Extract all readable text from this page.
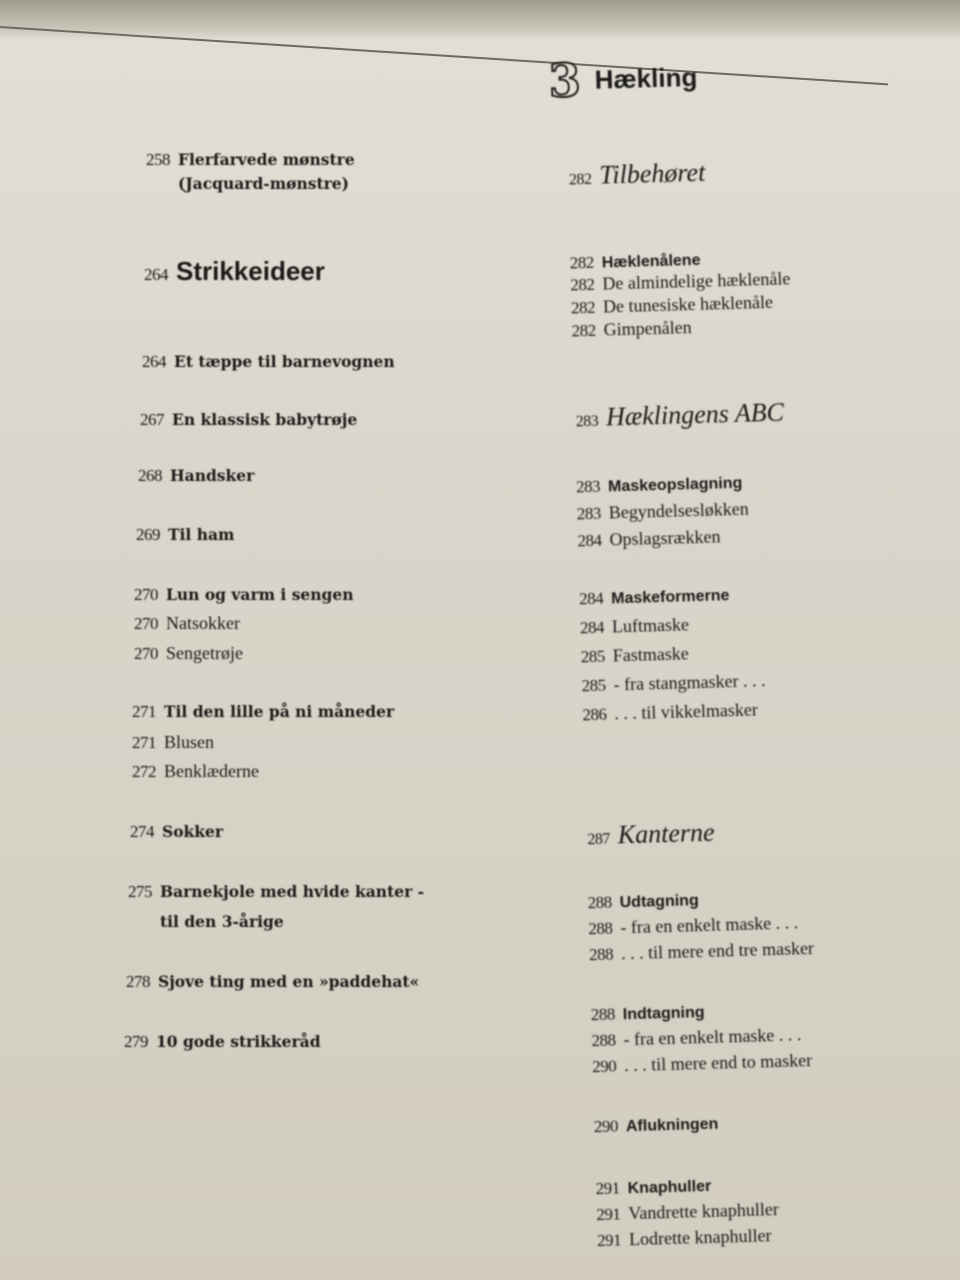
258 Flerfarvede mønstre
(Jacquard-mønstre)
264 Strikkeideer
264 Et tæppe til barnevognen
267 En klassisk babytrøje
268 Handsker
269 Til ham
270 Lun og varm i sengen
270 Natsokker
270 Sengetrøje
271 Til den lille på ni måneder
271 Blusen
272 Benklæderne
274 Sokker
275 Barnekjole med hvide kanter -
til den 3-årige
278 Sjove ting med en »paddehat«
279 10 gode strikkeråd
3 Hækling
282 Tilbehøret
282 Hæklenålene
282 De almindelige hæklenåle
282 De tunesiske hæklenåle
282 Gimpenålen
283 Hæklingens ABC
283 Maskeopslagning
283 Begyndelsesløkken
284 Opslagsrækken
284 Maskeformerne
284 Luftmaske
285 Fastmaske
285 - fra stangmasker . . .
286 . . . til vikkelmasker
287 Kanterne
288 Udtagning
288 - fra en enkelt maske . . .
288 . . . til mere end tre masker
288 Indtagning
288 - fra en enkelt maske . . .
290 . . . til mere end to masker
290 Aflukningen
291 Knaphuller
291 Vandrette knaphuller
291 Lodrette knaphuller
